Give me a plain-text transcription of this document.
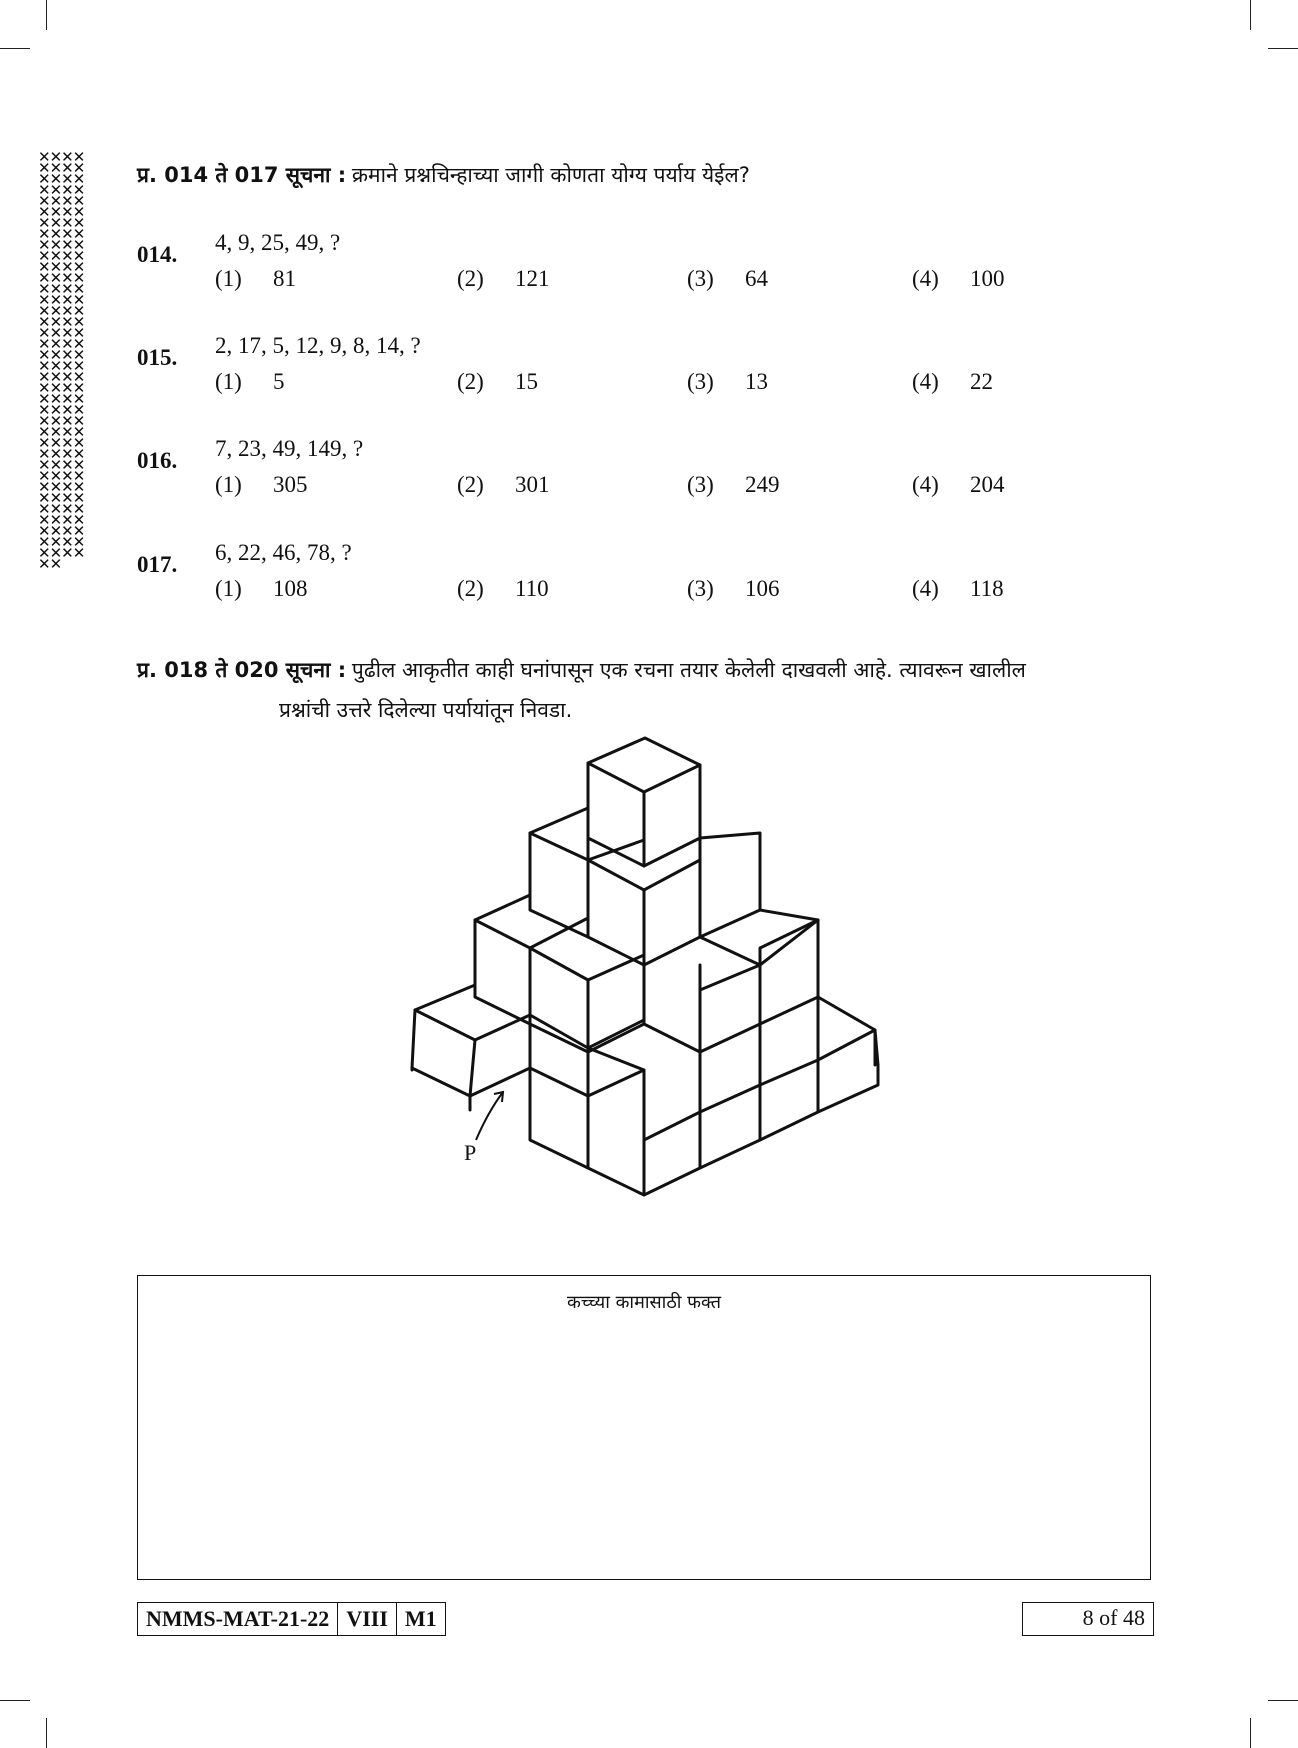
✕✕✕✕✕✕✕✕✕✕✕✕✕✕✕✕✕✕✕✕✕✕✕✕✕✕✕✕✕✕✕✕✕✕✕✕✕✕✕✕✕✕✕✕✕✕✕✕✕✕✕✕✕✕✕✕✕✕✕✕✕✕✕✕✕✕✕✕✕✕✕✕✕✕✕✕✕✕✕✕✕✕✕✕✕✕✕✕✕✕✕✕✕✕✕✕✕✕✕✕✕✕✕✕✕✕✕✕✕✕✕✕✕✕✕✕✕✕✕✕✕✕✕✕✕✕✕✕✕✕✕✕✕✕✕✕✕✕✕✕✕✕✕✕✕✕✕✕✕✕
प्र. 014 ते 017 सूचना : क्रमाने प्रश्नचिन्हाच्या जागी कोणता योग्य पर्याय येईल?
014. 4, 9, 25, 49, ?
(1) 81	(2) 121	(3) 64	(4) 100
015. 2, 17, 5, 12, 9, 8, 14, ?
(1) 5	(2) 15	(3) 13	(4) 22
016. 7, 23, 49, 149, ?
(1) 305	(2) 301	(3) 249	(4) 204
017. 6, 22, 46, 78, ?
(1) 108	(2) 110	(3) 106	(4) 118
प्र. 018 ते 020 सूचना : पुढील आकृतीत काही घनांपासून एक रचना तयार केलेली दाखवली आहे. त्यावरून खालील
प्रश्नांची उत्तरे दिलेल्या पर्यायांतून निवडा.
P
कच्च्या कामासाठी फक्त
NMMS-MAT-21-22 VIII M1	8 of 48
